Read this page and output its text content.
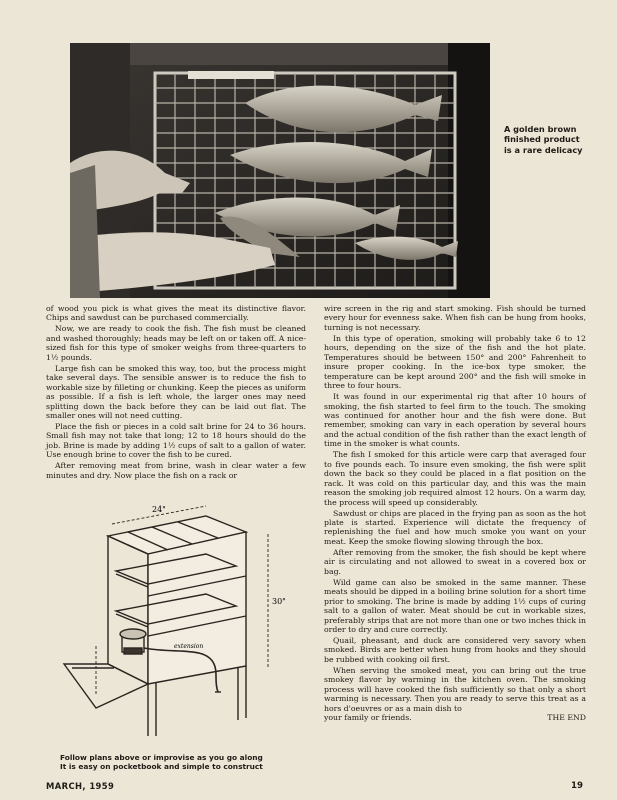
A golden brown
finished product
is a rare delicacy

of wood you pick is what gives the meat its distinctive flavor. Chips and sawdust can be purchased commercially.

Now, we are ready to cook the fish. The fish must be cleaned and washed thoroughly; heads may be left on or taken off. A nice-sized fish for this type of smoker weighs from three-quarters to 1½ pounds.

Large fish can be smoked this way, too, but the process might take several days. The sensible answer is to reduce the fish to workable size by filleting or chunking. Keep the pieces as uniform as possible. If a fish is left whole, the larger ones may need splitting down the back before they can be laid out flat. The smaller ones will not need cutting.

Place the fish or pieces in a cold salt brine for 24 to 36 hours. Small fish may not take that long; 12 to 18 hours should do the job. Brine is made by adding 1½ cups of salt to a gallon of water. Use enough brine to cover the fish to be cured.

After removing meat from brine, wash in clear water a few minutes and dry. Now place the fish on a rack or

24"
30"
extension
Follow plans above or improvise as you go along
It is easy on pocketbook and simple to construct

wire screen in the rig and start smoking. Fish should be turned every hour for evenness sake. When fish can be hung from hooks, turning is not necessary.

In this type of operation, smoking will probably take 6 to 12 hours, depending on the size of the fish and the hot plate. Temperatures should be between 150° and 200° Fahrenheit to insure proper cooking. In the ice-box type smoker, the temperature can be kept around 200° and the fish will smoke in three to four hours.

It was found in our experimental rig that after 10 hours of smoking, the fish started to feel firm to the touch. The smoking was continued for another hour and the fish were done. But remember, smoking can vary in each operation by several hours and the actual condition of the fish rather than the exact length of time in the smoker is what counts.

The fish I smoked for this article were carp that averaged four to five pounds each. To insure even smoking, the fish were split down the back so they could be placed in a flat position on the rack. It was cold on this particular day, and this was the main reason the smoking job required almost 12 hours. On a warm day, the process will speed up considerably.

Sawdust or chips are placed in the frying pan as soon as the hot plate is started. Experience will dictate the frequency of replenishing the fuel and how much smoke you want on your meat. Keep the smoke flowing slowing through the box.

After removing from the smoker, the fish should be kept where air is circulating and not allowed to sweat in a covered box or bag.

Wild game can also be smoked in the same manner. These meats should be dipped in a boiling brine solution for a short time prior to smoking. The brine is made by adding 1½ cups of curing salt to a gallon of water. Meat should be cut in workable sizes, preferably strips that are not more than one or two inches thick in order to dry and cure correctly.

Quail, pheasant, and duck are considered very savory when smoked. Birds are better when hung from hooks and they should be rubbed with cooking oil first.

When serving the smoked meat, you can bring out the true smokey flavor by warming in the kitchen oven. The smoking process will have cooked the fish sufficiently so that only a short warming is necessary. Then you are ready to serve this treat as a hors d'oeuvres or as a main dish to

your family or friends.	THE END
MARCH, 1959	19
